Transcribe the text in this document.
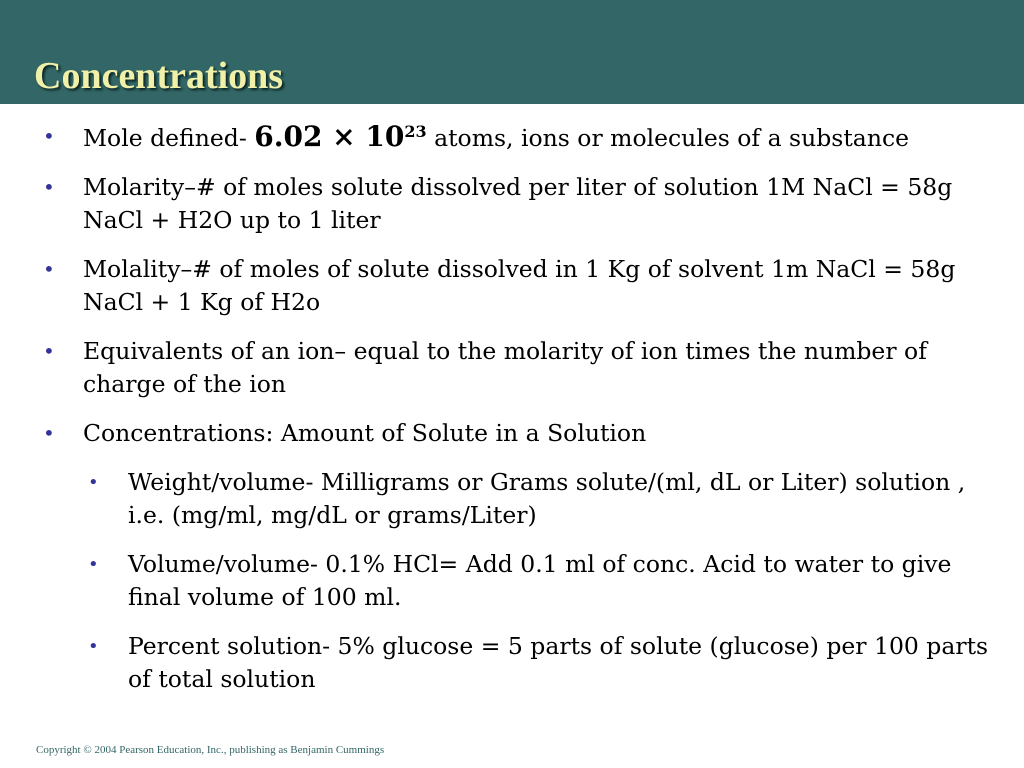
Concentrations
• Mole defined- $6.02 \times 10^{23}$ atoms, ions or molecules of a substance
• Molarity–# of moles solute dissolved per liter of solution 1M NaCl = 58g NaCl + H2O up to 1 liter
• Molality–# of moles of solute dissolved in 1 Kg of solvent 1m NaCl = 58g NaCl + 1 Kg of H2o
• Equivalents of an ion– equal to the molarity of ion times the number of charge of the ion
• Concentrations: Amount of Solute in a Solution
• Weight/volume- Milligrams or Grams solute/(ml, dL or Liter) solution , i.e. (mg/ml, mg/dL or grams/Liter)
• Volume/volume- 0.1% HCl= Add 0.1 ml of conc. Acid to water to give final volume of 100 ml.
• Percent solution- 5% glucose = 5 parts of solute (glucose) per 100 parts of total solution
Copyright © 2004 Pearson Education, Inc., publishing as Benjamin Cummings
